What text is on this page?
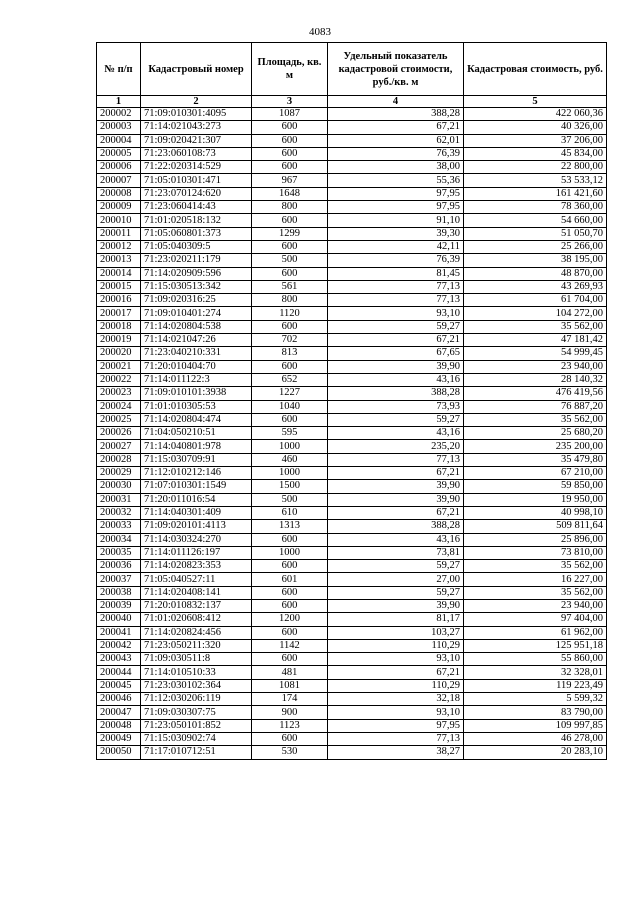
4083
№ п/п	Кадастровый номер	Площадь, кв. м	Удельный показатель кадастровой стоимости, руб./кв. м	Кадастровая стоимость, руб.
1	2	3	4	5
200002	71:09:010301:4095	1087	388,28	422 060,36
200003	71:14:021043:273	600	67,21	40 326,00
200004	71:09:020421:307	600	62,01	37 206,00
200005	71:23:060108:73	600	76,39	45 834,00
200006	71:22:020314:529	600	38,00	22 800,00
200007	71:05:010301:471	967	55,36	53 533,12
200008	71:23:070124:620	1648	97,95	161 421,60
200009	71:23:060414:43	800	97,95	78 360,00
200010	71:01:020518:132	600	91,10	54 660,00
200011	71:05:060801:373	1299	39,30	51 050,70
200012	71:05:040309:5	600	42,11	25 266,00
200013	71:23:020211:179	500	76,39	38 195,00
200014	71:14:020909:596	600	81,45	48 870,00
200015	71:15:030513:342	561	77,13	43 269,93
200016	71:09:020316:25	800	77,13	61 704,00
200017	71:09:010401:274	1120	93,10	104 272,00
200018	71:14:020804:538	600	59,27	35 562,00
200019	71:14:021047:26	702	67,21	47 181,42
200020	71:23:040210:331	813	67,65	54 999,45
200021	71:20:010404:70	600	39,90	23 940,00
200022	71:14:011122:3	652	43,16	28 140,32
200023	71:09:010101:3938	1227	388,28	476 419,56
200024	71:01:010305:53	1040	73,93	76 887,20
200025	71:14:020804:474	600	59,27	35 562,00
200026	71:04:050210:51	595	43,16	25 680,20
200027	71:14:040801:978	1000	235,20	235 200,00
200028	71:15:030709:91	460	77,13	35 479,80
200029	71:12:010212:146	1000	67,21	67 210,00
200030	71:07:010301:1549	1500	39,90	59 850,00
200031	71:20:011016:54	500	39,90	19 950,00
200032	71:14:040301:409	610	67,21	40 998,10
200033	71:09:020101:4113	1313	388,28	509 811,64
200034	71:14:030324:270	600	43,16	25 896,00
200035	71:14:011126:197	1000	73,81	73 810,00
200036	71:14:020823:353	600	59,27	35 562,00
200037	71:05:040527:11	601	27,00	16 227,00
200038	71:14:020408:141	600	59,27	35 562,00
200039	71:20:010832:137	600	39,90	23 940,00
200040	71:01:020608:412	1200	81,17	97 404,00
200041	71:14:020824:456	600	103,27	61 962,00
200042	71:23:050211:320	1142	110,29	125 951,18
200043	71:09:030511:8	600	93,10	55 860,00
200044	71:14:010510:33	481	67,21	32 328,01
200045	71:23:030102:364	1081	110,29	119 223,49
200046	71:12:030206:119	174	32,18	5 599,32
200047	71:09:030307:75	900	93,10	83 790,00
200048	71:23:050101:852	1123	97,95	109 997,85
200049	71:15:030902:74	600	77,13	46 278,00
200050	71:17:010712:51	530	38,27	20 283,10
